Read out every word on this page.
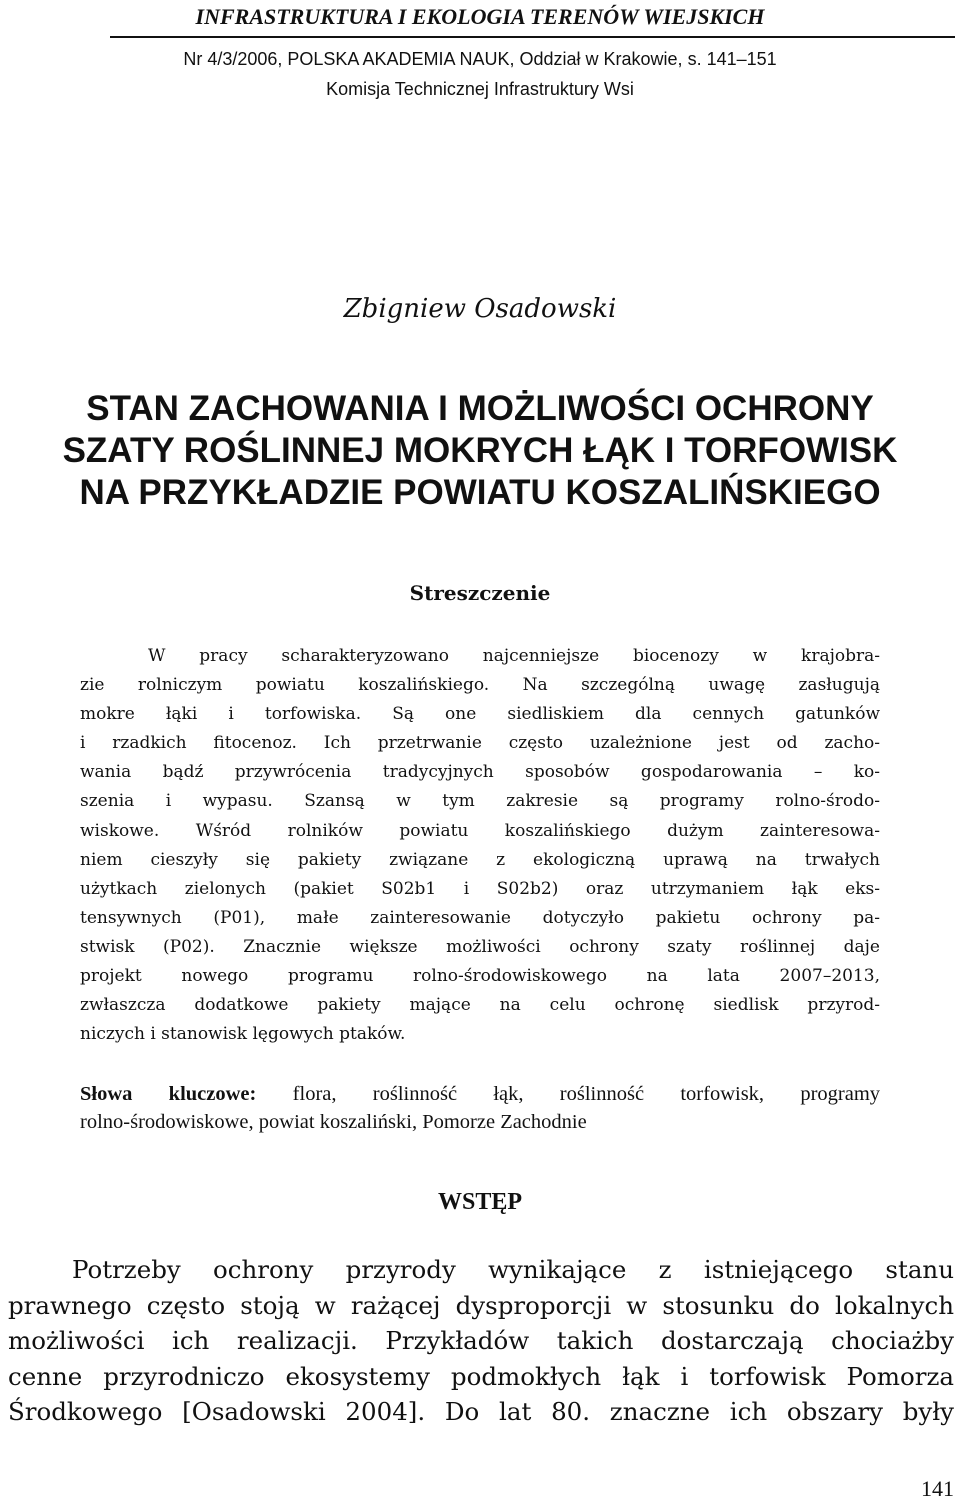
INFRASTRUKTURA I EKOLOGIA TERENÓW WIEJSKICH
Nr 4/3/2006, POLSKA AKADEMIA NAUK, Oddział w Krakowie, s. 141–151
Komisja Technicznej Infrastruktury Wsi
Zbigniew Osadowski
STAN ZACHOWANIA I MOŻLIWOŚCI OCHRONY
SZATY ROŚLINNEJ MOKRYCH ŁĄK I TORFOWISK
NA PRZYKŁADZIE POWIATU KOSZALIŃSKIEGO
Streszczenie
W pracy scharakteryzowano najcenniejsze biocenozy w krajobra-
zie rolniczym powiatu koszalińskiego. Na szczególną uwagę zasługują
mokre łąki i torfowiska. Są one siedliskiem dla cennych gatunków
i rzadkich fitocenoz. Ich przetrwanie często uzależnione jest od zacho-
wania bądź przywrócenia tradycyjnych sposobów gospodarowania – ko-
szenia i wypasu. Szansą w tym zakresie są programy rolno-środo-
wiskowe. Wśród rolników powiatu koszalińskiego dużym zainteresowa-
niem cieszyły się pakiety związane z ekologiczną uprawą na trwałych
użytkach zielonych (pakiet S02b1 i S02b2) oraz utrzymaniem łąk eks-
tensywnych (P01), małe zainteresowanie dotyczyło pakietu ochrony pa-
stwisk (P02). Znacznie większe możliwości ochrony szaty roślinnej daje
projekt nowego programu rolno-środowiskowego na lata 2007–2013,
zwłaszcza dodatkowe pakiety mające na celu ochronę siedlisk przyrod-
niczych i stanowisk lęgowych ptaków.
Słowa kluczowe: flora, roślinność łąk, roślinność torfowisk, programy
rolno-środowiskowe, powiat koszaliński, Pomorze Zachodnie
WSTĘP
Potrzeby ochrony przyrody wynikające z istniejącego stanu
prawnego często stoją w rażącej dysproporcji w stosunku do lokalnych
możliwości ich realizacji. Przykładów takich dostarczają chociażby
cenne przyrodniczo ekosystemy podmokłych łąk i torfowisk Pomorza
Środkowego [Osadowski 2004]. Do lat 80. znaczne ich obszary były
141
